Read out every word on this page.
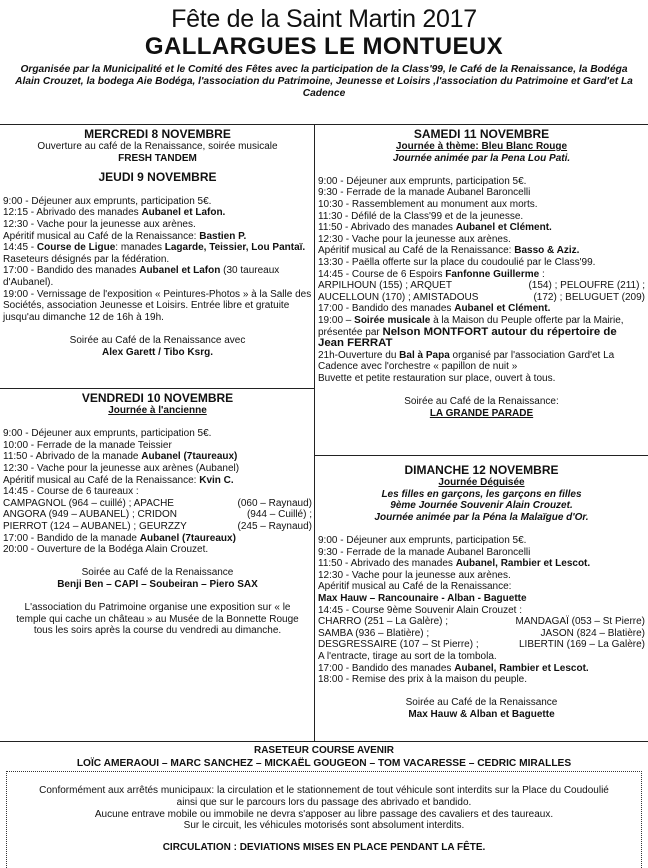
Fête de la Saint Martin 2017
GALLARGUES LE MONTUEUX
Organisée par la Municipalité et le Comité des Fêtes avec la participation de la Class'99, le Café de la Renaissance, la Bodéga Alain Crouzet, la bodega Aie Bodéga, l'association du Patrimoine, Jeunesse et Loisirs ,l'association du Patrimoine et Gard'et La Cadence
MERCREDI 8 NOVEMBRE
Ouverture au café de la Renaissance, soirée musicale
FRESH TANDEM
JEUDI 9 NOVEMBRE
9:00 - Déjeuner aux emprunts, participation 5€.
12:15 - Abrivado des manades Aubanel et Lafon.
12:30 - Vache pour la jeunesse aux arènes.
Apéritif musical au Café de la Renaissance: Bastien P.
14:45 - Course de Ligue: manades Lagarde, Teissier, Lou Pantaï. Raseteurs désignés par la fédération.
17:00 - Bandido des manades Aubanel et Lafon (30 taureaux d'Aubanel).
19:00 - Vernissage de l'exposition « Peintures-Photos » à la Salle des Sociétés, association Jeunesse et Loisirs. Entrée libre et gratuite jusqu'au dimanche 12 de 16h à 19h.
Soirée au Café de la Renaissance avec
Alex Garett / Tibo Ksrg.
VENDREDI 10 NOVEMBRE
Journée à l'ancienne
9:00 - Déjeuner aux emprunts, participation 5€.
10:00 - Ferrade de la manade Teissier
11:50 - Abrivado de la manade Aubanel (7taureaux)
12:30 - Vache pour la jeunesse aux arènes (Aubanel)
Apéritif musical au Café de la Renaissance: Kvin C.
14:45 - Course de 6 taureaux :
CAMPAGNOL (964 – cuillé) ; APACHE	(060 – Raynaud)
ANGORA (949 – AUBANEL) ; CRIDON	(944 – Cuillé) ;
PIERROT (124 – AUBANEL) ; GEURZZY	(245 – Raynaud)
17:00 - Bandido de la manade Aubanel (7taureaux)
20:00 - Ouverture de la Bodéga Alain Crouzet.
Soirée au Café de la Renaissance
Benji Ben – CAPI – Soubeiran – Piero SAX
L'association du Patrimoine organise une exposition sur « le temple qui cache un château » au Musée de la Bonnette Rouge tous les soirs après la course du vendredi au dimanche.
SAMEDI 11 NOVEMBRE
Journée à thème: Bleu Blanc Rouge
Journée animée par la Pena Lou Pati.
9:00 - Déjeuner aux emprunts, participation 5€.
9:30 - Ferrade de la manade Aubanel Baroncelli
10:30 - Rassemblement au monument aux morts.
11:30 - Défilé de la Class'99 et de la jeunesse.
11:50 - Abrivado des manades Aubanel et Clément.
12:30 - Vache pour la jeunesse aux arènes.
Apéritif musical au Café de la Renaissance: Basso & Aziz.
13:30 - Paëlla offerte sur la place du coudoulié par le Class'99.
14:45 - Course de 6 Espoirs Fanfonne Guillerme :
ARPILHOUN (155) ; ARQUET	(154) ; PELOUFRE (211) ;
AUCELLOUN (170) ; AMISTADOUS	(172) ; BELUGUET (209)
17:00 - Bandido des manades Aubanel et Clément.
19:00 – Soirée musicale à la Maison du Peuple offerte par la Mairie, présentée par Nelson MONTFORT autour du répertoire de Jean FERRAT
21h-Ouverture du Bal à Papa organisé par l'association Gard'et La Cadence avec l'orchestre « papillon de nuit »
Buvette et petite restauration sur place, ouvert à tous.
Soirée au Café de la Renaissance:
LA GRANDE PARADE
DIMANCHE 12 NOVEMBRE
Journée Déguisée
Les filles en garçons, les garçons en filles
9ème Journée Souvenir Alain Crouzet.
Journée animée par la Péna la Malaïgue d'Or.
9:00 - Déjeuner aux emprunts, participation 5€.
9:30 - Ferrade de la manade Aubanel Baroncelli
11:50 - Abrivado des manades Aubanel, Rambier et Lescot.
12:30 - Vache pour la jeunesse aux arènes.
Apéritif musical au Café de la Renaissance:
Max Hauw – Rancounaire - Alban - Baguette
14:45 - Course 9ème Souvenir Alain Crouzet :
CHARRO (251 – La Galère) ;	MANDAGAÏ (053 – St Pierre)
SAMBA (936 – Blatière) ;	JASON (824 – Blatière)
DESGRESSAIRE (107 – St Pierre) ;	LIBERTIN (169 – La Galère)
A l'entracte, tirage au sort de la tombola.
17:00 - Bandido des manades Aubanel, Rambier et Lescot.
18:00 - Remise des prix à la maison du peuple.
Soirée au Café de la Renaissance
Max Hauw & Alban et Baguette
RASETEUR COURSE AVENIR
LOÏC AMERAOUI – MARC SANCHEZ – MICKAËL GOUGEON – TOM VACARESSE – CEDRIC MIRALLES
Conformément aux arrêtés municipaux: la circulation et le stationnement de tout véhicule sont interdits sur la Place du Coudoulié
ainsi que sur le parcours lors du passage des abrivado et bandido.
Aucune entrave mobile ou immobile ne devra s'apposer au libre passage des cavaliers et des taureaux.
Sur le circuit, les véhicules motorisés sont absolument interdits.
CIRCULATION : DEVIATIONS MISES EN PLACE PENDANT LA FÊTE.
